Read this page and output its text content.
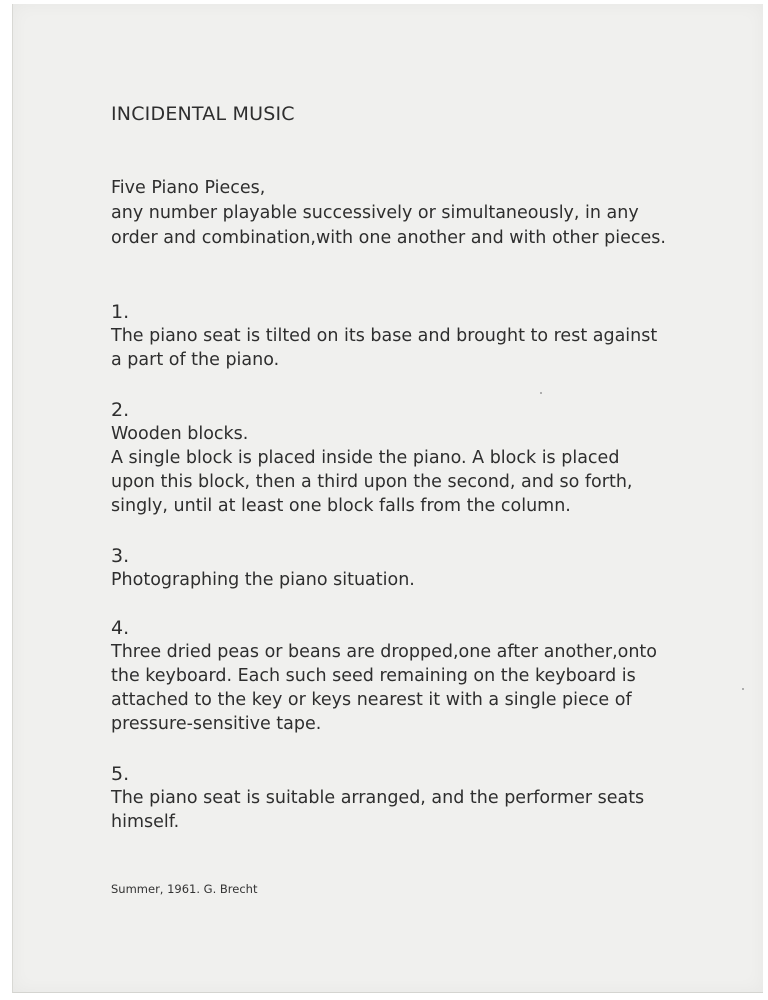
INCIDENTAL MUSIC

Five Piano Pieces,
any number playable successively or simultaneously, in any
order and combination,with one another and with other pieces.
1.
The piano seat is tilted on its base and brought to rest against
a part of the piano.
2.
Wooden blocks.
A single block is placed inside the piano. A block is placed
upon this block, then a third upon the second, and so forth,
singly, until at least one block falls from the column.
3.
Photographing the piano situation.
4.
Three dried peas or beans are dropped,one after another,onto
the keyboard. Each such seed remaining on the keyboard is
attached to the key or keys nearest it with a single piece of
pressure-sensitive tape.
5.
The piano seat is suitable arranged, and the performer seats
himself.

Summer, 1961. G. Brecht
